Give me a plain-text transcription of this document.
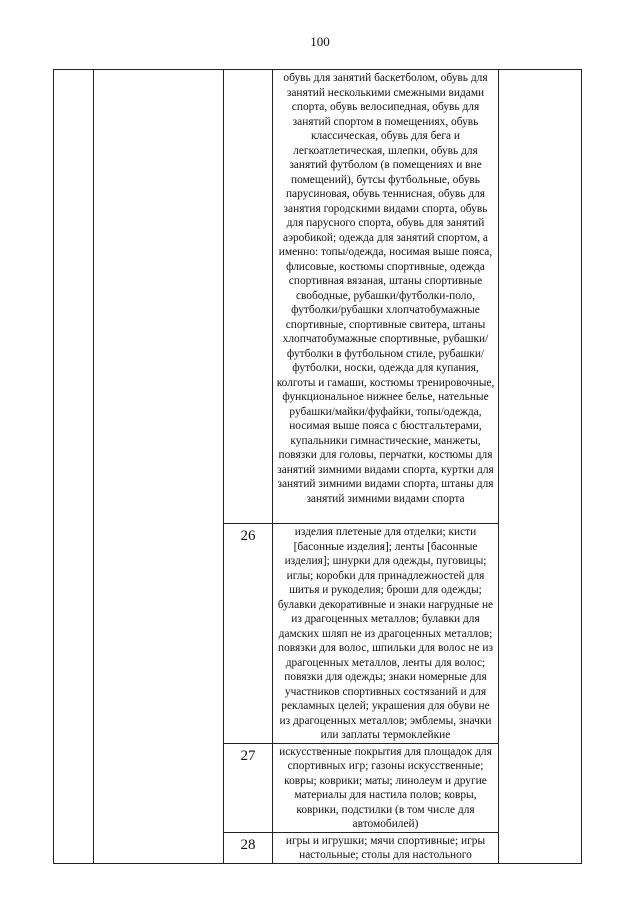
100
			обувь для занятий баскетболом, обувь для занятий несколькими смежными видами спорта, обувь велосипедная, обувь для занятий спортом в помещениях, обувь классическая, обувь для бега и легкоатлетическая, шлепки, обувь для занятий футболом (в помещениях и вне помещений), бутсы футбольные, обувь парусиновая, обувь теннисная, обувь для занятия городскими видами спорта, обувь для парусного спорта, обувь для занятий аэробикой; одежда для занятий спортом, а именно: топы/одежда, носимая выше пояса, флисовые, костюмы спортивные, одежда спортивная вязаная, штаны спортивные свободные, рубашки/футболки-поло, футболки/рубашки хлопчатобумажные спортивные, спортивные свитера, штаны хлопчатобумажные спортивные, рубашки/футболки в футбольном стиле, рубашки/футболки, носки, одежда для купания, колготы и гамаши, костюмы тренировочные, функциональное нижнее белье, нательные рубашки/майки/фуфайки, топы/одежда, носимая выше пояса с бюстгальтерами, купальники гимнастические, манжеты, повязки для головы, перчатки, костюмы для занятий зимними видами спорта, куртки для занятий зимними видами спорта, штаны для занятий зимними видами спорта	
		26	изделия плетеные для отделки; кисти [басонные изделия]; ленты [басонные изделия]; шнурки для одежды, пуговицы; иглы; коробки для принадлежностей для шитья и рукоделия; броши для одежды; булавки декоративные и знаки нагрудные не из драгоценных металлов; булавки для дамских шляп не из драгоценных металлов; повязки для волос, шпильки для волос не из драгоценных металлов, ленты для волос; повязки для одежды; знаки номерные для участников спортивных состязаний и для рекламных целей; украшения для обуви не из драгоценных металлов; эмблемы, значки или заплаты термоклейкие	
		27	искусственные покрытия для площадок для спортивных игр; газоны искусственные; ковры; коврики; маты; линолеум и другие материалы для настила полов; ковры, коврики, подстилки (в том числе для автомобилей)	
		28	игры и игрушки; мячи спортивные; игры настольные; столы для настольного	
